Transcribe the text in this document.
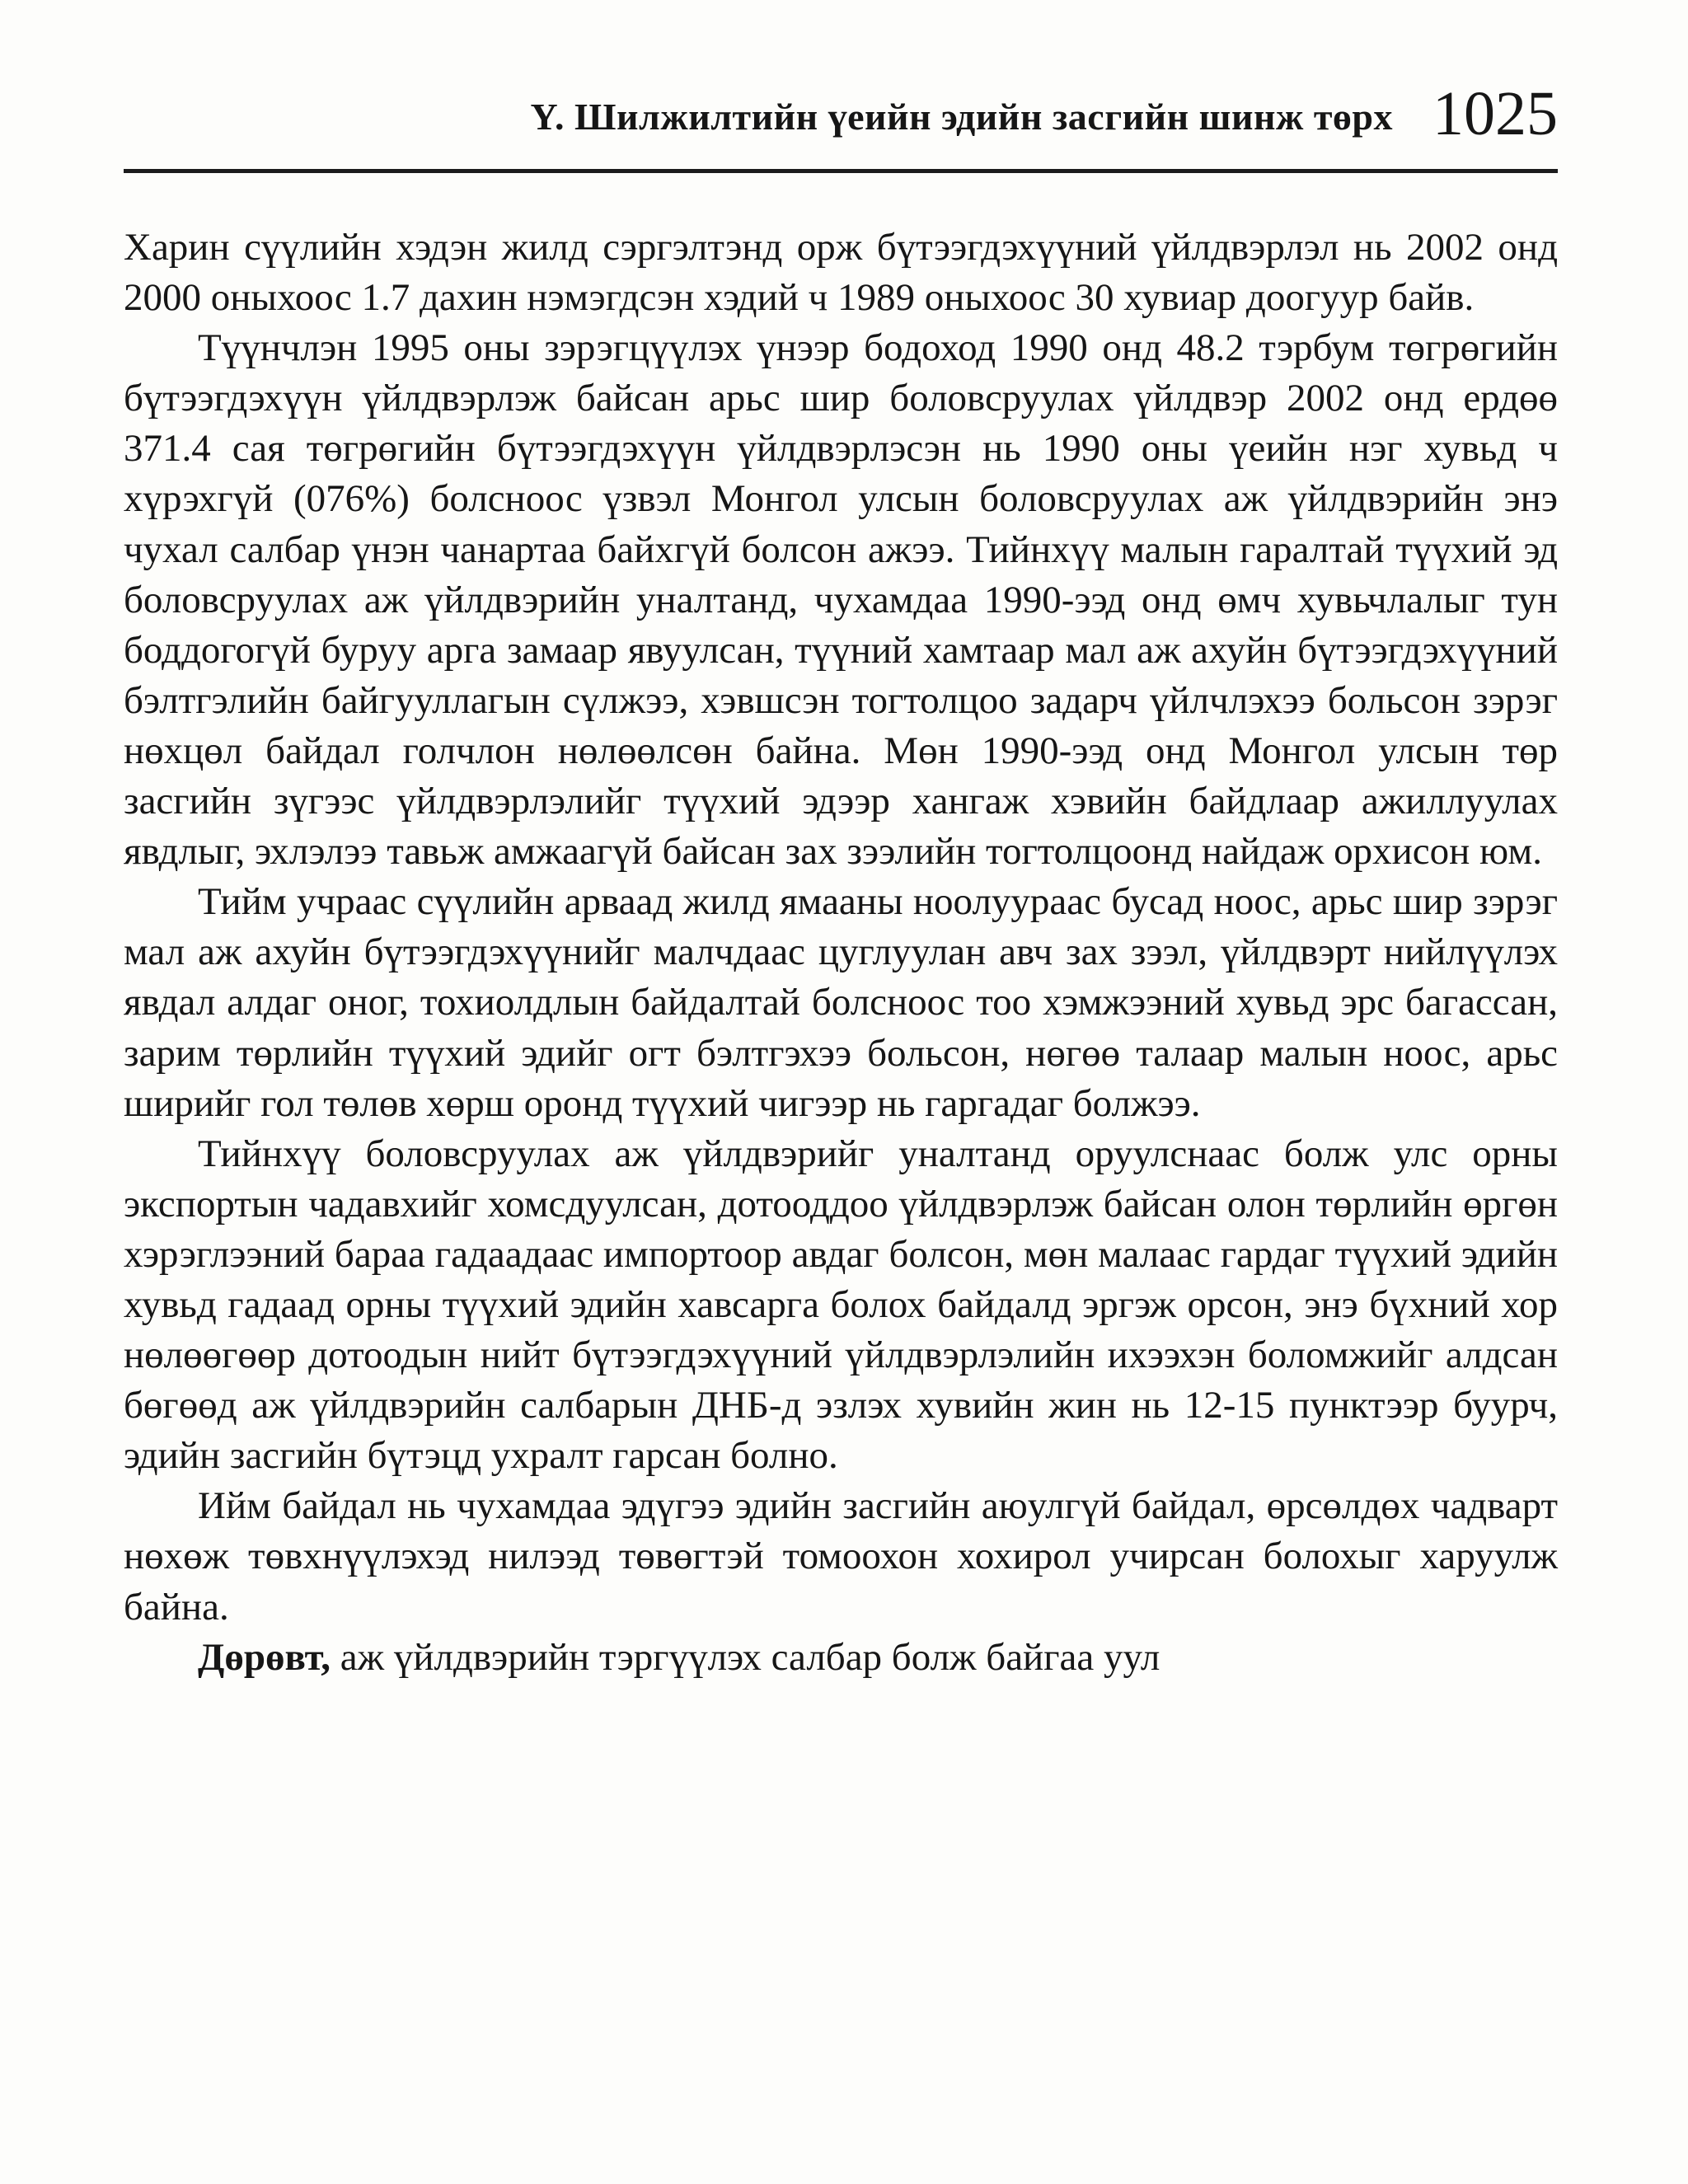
Y. Шилжилтийн үеийн эдийн засгийн шинж төрх 1025

Харин сүүлийн хэдэн жилд сэргэлтэнд орж бүтээгдэхүүний үйлдвэрлэл нь 2002 онд 2000 оныхоос 1.7 дахин нэмэгдсэн хэдий ч 1989 оныхоос 30 хувиар доогуур байв.

Түүнчлэн 1995 оны зэрэгцүүлэх үнээр бодоход 1990 онд 48.2 тэрбум төгрөгийн бүтээгдэхүүн үйлдвэрлэж байсан арьс шир боловсруулах үйлдвэр 2002 онд ердөө 371.4 сая төгрөгийн бүтээгдэхүүн үйлдвэрлэсэн нь 1990 оны үеийн нэг хувьд ч хүрэхгүй (076%) болсноос үзвэл Монгол улсын боловсруулах аж үйлдвэрийн энэ чухал салбар үнэн чанартаа байхгүй болсон ажээ. Тийнхүү малын гаралтай түүхий эд боловсруулах аж үйлдвэрийн уналтанд, чухамдаа 1990-ээд онд өмч хувьчлалыг тун боддогогүй буруу арга замаар явуулсан, түүний хамтаар мал аж ахуйн бүтээгдэхүүний бэлтгэлийн байгууллагын сүлжээ, хэвшсэн тогтолцоо задарч үйлчлэхээ больсон зэрэг нөхцөл байдал голчлон нөлөөлсөн байна. Мөн 1990-ээд онд Монгол улсын төр засгийн зүгээс үйлдвэрлэлийг түүхий эдээр хангаж хэвийн байдлаар ажиллуулах явдлыг, эхлэлээ тавьж амжаагүй байсан зах зээлийн тогтолцоонд найдаж орхисон юм.

Тийм учраас сүүлийн арваад жилд ямааны ноолуураас бусад ноос, арьс шир зэрэг мал аж ахуйн бүтээгдэхүүнийг малчдаас цуглуулан авч зах зээл, үйлдвэрт нийлүүлэх явдал алдаг оног, тохиолдлын байдалтай болсноос тоо хэмжээний хувьд эрс багассан, зарим төрлийн түүхий эдийг огт бэлтгэхээ больсон, нөгөө талаар малын ноос, арьс ширийг гол төлөв хөрш оронд түүхий чигээр нь гаргадаг болжээ.

Тийнхүү боловсруулах аж үйлдвэрийг уналтанд оруулснаас болж улс орны экспортын чадавхийг хомсдуулсан, дотооддоо үйлдвэрлэж байсан олон төрлийн өргөн хэрэглээний бараа гадаадаас импортоор авдаг болсон, мөн малаас гардаг түүхий эдийн хувьд гадаад орны түүхий эдийн хавсарга болох байдалд эргэж орсон, энэ бүхний хор нөлөөгөөр дотоодын нийт бүтээгдэхүүний үйлдвэрлэлийн ихээхэн боломжийг алдсан бөгөөд аж үйлдвэрийн салбарын ДНБ-д эзлэх хувийн жин нь 12-15 пунктээр буурч, эдийн засгийн бүтэцд ухралт гарсан болно.

Ийм байдал нь чухамдаа эдүгээ эдийн засгийн аюулгүй байдал, өрсөлдөх чадварт нөхөж төвхнүүлэхэд нилээд төвөгтэй томоохон хохирол учирсан болохыг харуулж байна.

Дөрөвт, аж үйлдвэрийн тэргүүлэх салбар болж байгаа уул
